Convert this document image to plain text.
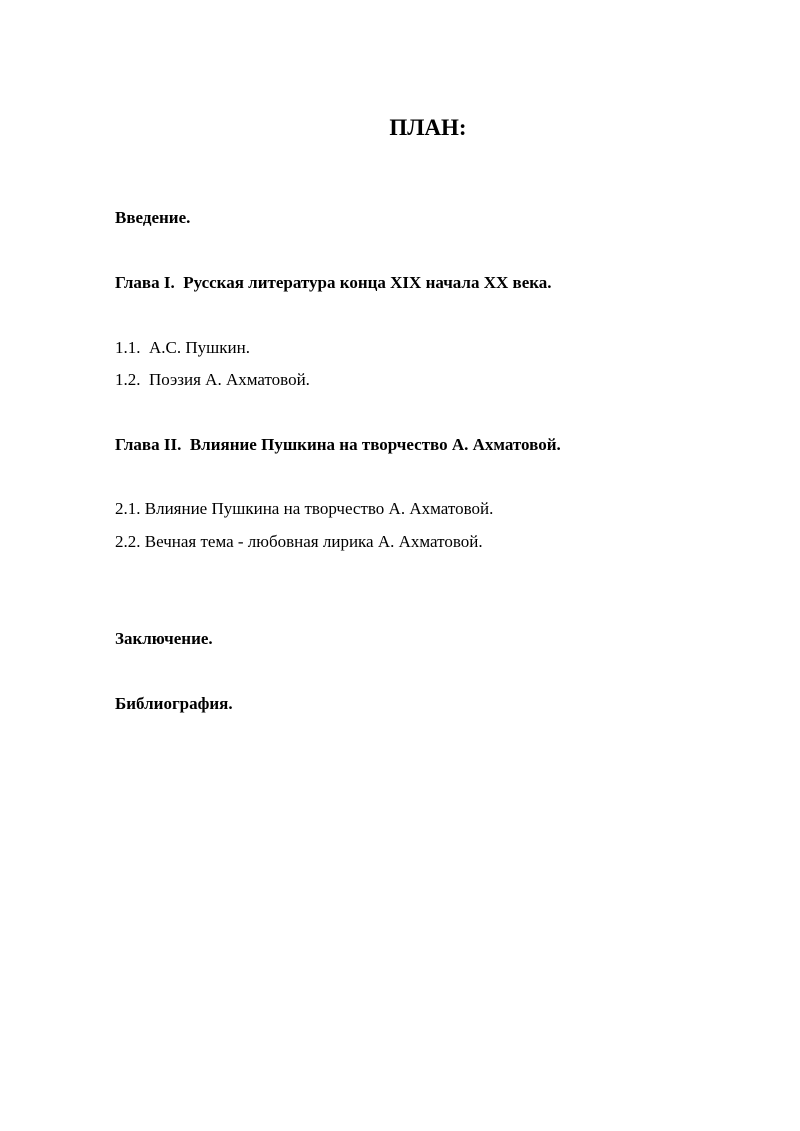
ПЛАН:
Введение.
Глава I.  Русская литература конца XIX начала XX века.
1.1.  А.С. Пушкин.
1.2.  Поэзия А. Ахматовой.
Глава II.  Влияние Пушкина на творчество А. Ахматовой.
2.1. Влияние Пушкина на творчество А. Ахматовой.
2.2. Вечная тема - любовная лирика А. Ахматовой.
Заключение.
Библиография.
